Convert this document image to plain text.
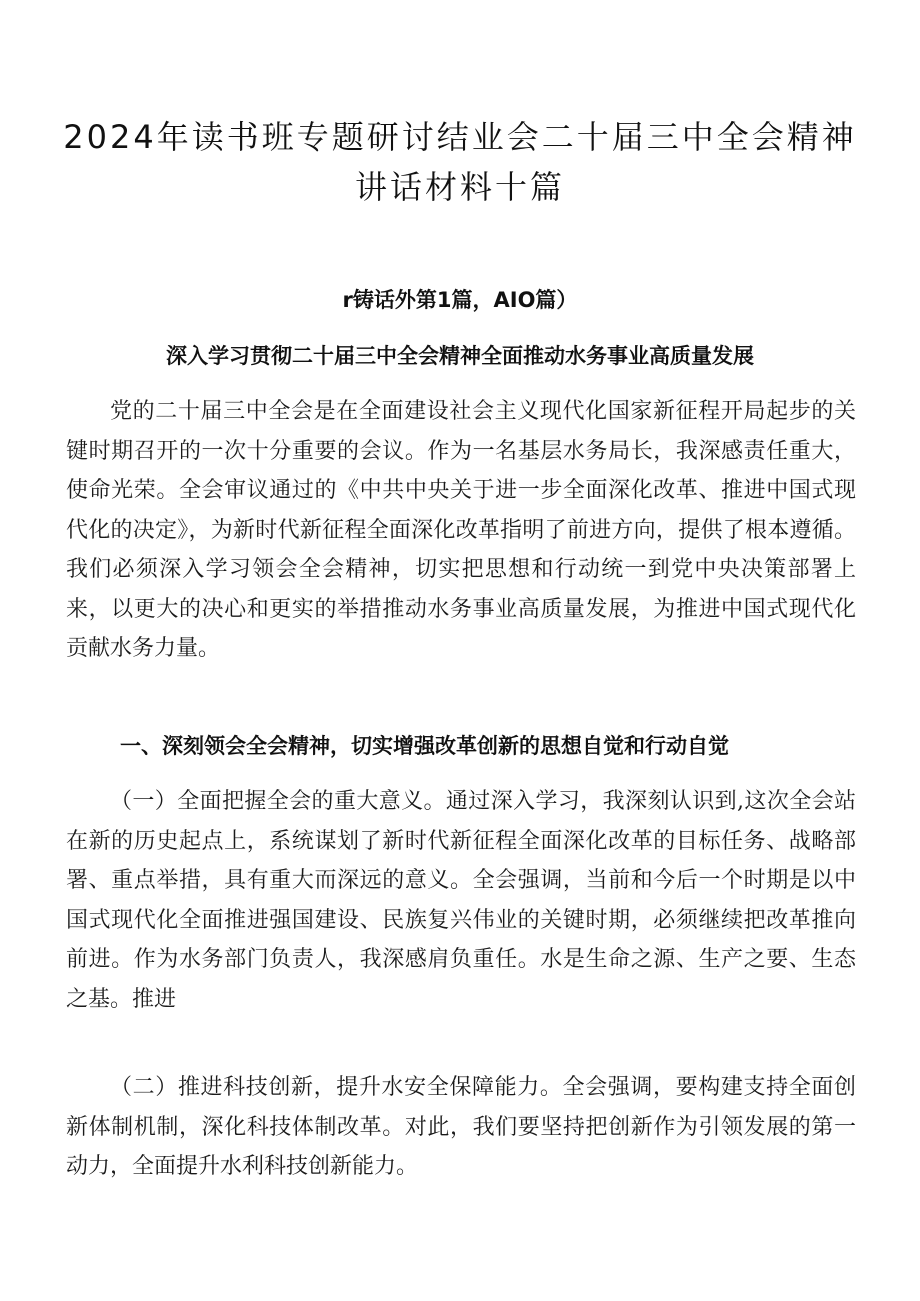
2024年读书班专题研讨结业会二十届三中全会精神
讲话材料十篇
r铸话外第1篇，AIO篇）
深入学习贯彻二十届三中全会精神全面推动水务事业高质量发展

党的二十届三中全会是在全面建设社会主义现代化国家新征程开局起步的关键时期召开的一次十分重要的会议。作为一名基层水务局长，我深感责任重大，使命光荣。全会审议通过的《中共中央关于进一步全面深化改革、推进中国式现代化的决定》，为新时代新征程全面深化改革指明了前进方向，提供了根本遵循。我们必须深入学习领会全会精神，切实把思想和行动统一到党中央决策部署上来，以更大的决心和更实的举措推动水务事业高质量发展，为推进中国式现代化贡献水务力量。

一、深刻领会全会精神，切实增强改革创新的思想自觉和行动自觉

（一）全面把握全会的重大意义。通过深入学习，我深刻认识到,这次全会站在新的历史起点上，系统谋划了新时代新征程全面深化改革的目标任务、战略部署、重点举措，具有重大而深远的意义。全会强调，当前和今后一个时期是以中国式现代化全面推进强国建设、民族复兴伟业的关键时期，必须继续把改革推向前进。作为水务部门负责人，我深感肩负重任。水是生命之源、生产之要、生态之基。推进

（二）推进科技创新，提升水安全保障能力。全会强调，要构建支持全面创新体制机制，深化科技体制改革。对此，我们要坚持把创新作为引领发展的第一动力，全面提升水利科技创新能力。
